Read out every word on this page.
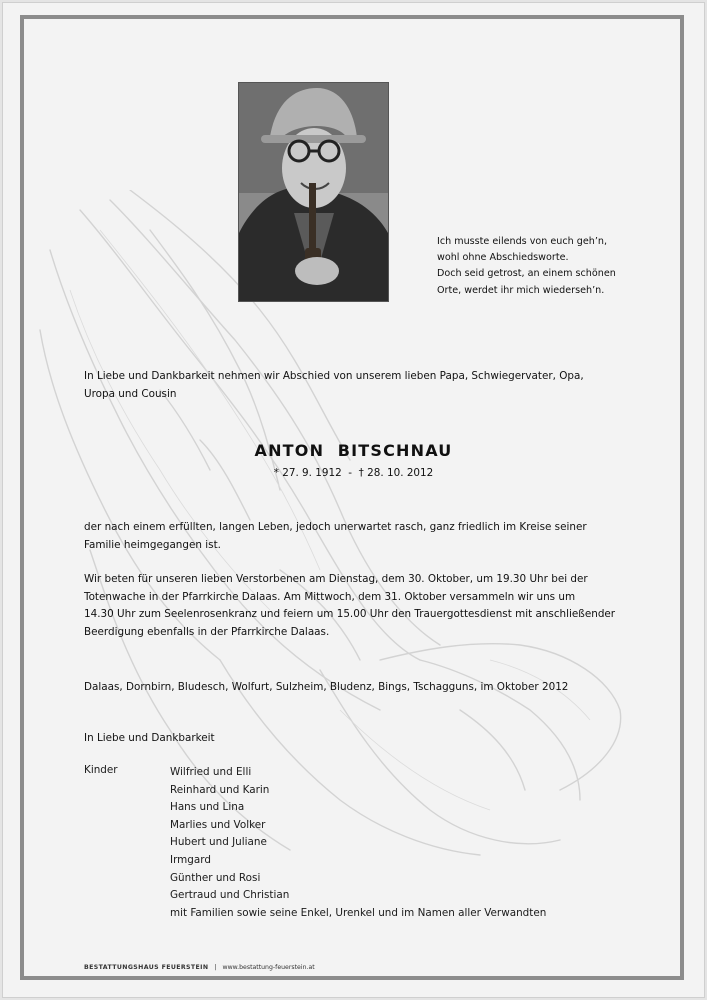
Ich musste eilends von euch geh’n,
wohl ohne Abschiedsworte.
Doch seid getrost, an einem schönen
Orte, werdet ihr mich wiederseh’n.
In Liebe und Dankbarkeit nehmen wir Abschied von unserem lieben Papa, Schwiegervater, Opa,
Uropa und Cousin
ANTON  BITSCHNAU
* 27. 9. 1912  -  † 28. 10. 2012
der nach einem erfüllten, langen Leben, jedoch unerwartet rasch, ganz friedlich im Kreise seiner
Familie heimgegangen ist.
Wir beten für unseren lieben Verstorbenen am Dienstag, dem 30. Oktober, um 19.30 Uhr bei der
Totenwache in der Pfarrkirche Dalaas. Am Mittwoch, dem 31. Oktober versammeln wir uns um
14.30 Uhr zum Seelenrosenkranz und feiern um 15.00 Uhr den Trauergottesdienst mit anschließender
Beerdigung ebenfalls in der Pfarrkirche Dalaas.
Dalaas, Dornbirn, Bludesch, Wolfurt, Sulzheim, Bludenz, Bings, Tschagguns, im Oktober 2012
In Liebe und Dankbarkeit
Kinder	Wilfried und Elli
Reinhard und Karin
Hans und Lina
Marlies und Volker
Hubert und Juliane
Irmgard
Günther und Rosi
Gertraud und Christian
mit Familien sowie seine Enkel, Urenkel und im Namen aller Verwandten
BESTATTUNGSHAUS FEUERSTEIN | www.bestattung-feuerstein.at
